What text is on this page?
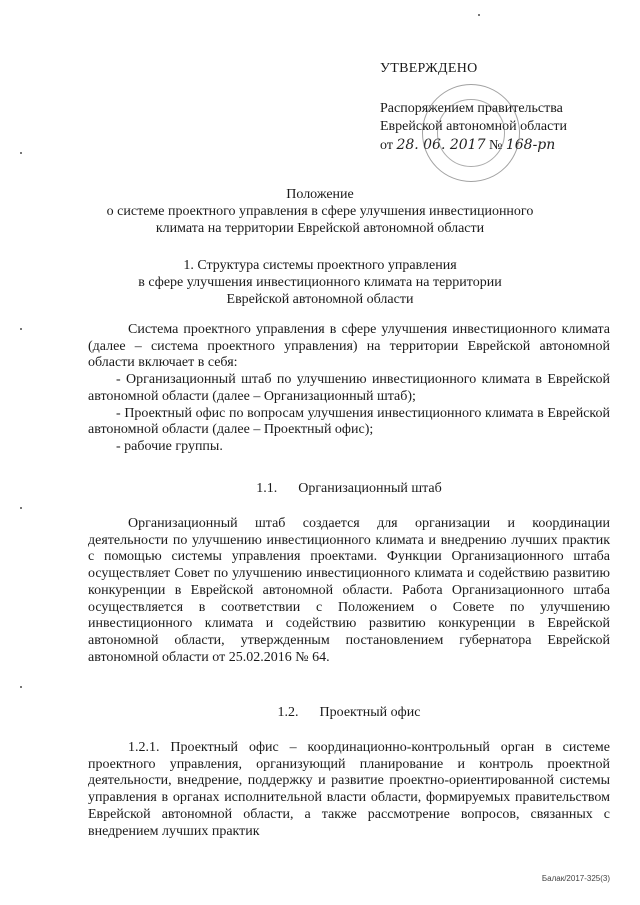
УТВЕРЖДЕНО
Распоряжением правительства
Еврейской автономной области
от 28. 06. 2017 № 168-рп
Положение
о системе проектного управления в сфере улучшения инвестиционного
климата на территории Еврейской автономной области
1. Структура системы проектного управления
в сфере улучшения инвестиционного климата на территории
Еврейской автономной области
Система проектного управления в сфере улучшения инвестиционного климата (далее – система проектного управления) на территории Еврейской автономной области включает в себя:
- Организационный штаб по улучшению инвестиционного климата в Еврейской автономной области (далее – Организационный штаб);
- Проектный офис по вопросам улучшения инвестиционного климата в Еврейской автономной области (далее – Проектный офис);
- рабочие группы.
1.1. Организационный штаб
Организационный штаб создается для организации и координации деятельности по улучшению инвестиционного климата и внедрению лучших практик с помощью системы управления проектами. Функции Организационного штаба осуществляет Совет по улучшению инвестиционного климата и содействию развитию конкуренции в Еврейской автономной области. Работа Организационного штаба осуществляется в соответствии с Положением о Совете по улучшению инвестиционного климата и содействию развитию конкуренции в Еврейской автономной области, утвержденным постановлением губернатора Еврейской автономной области от 25.02.2016 № 64.
1.2. Проектный офис
1.2.1. Проектный офис – координационно-контрольный орган в системе проектного управления, организующий планирование и контроль проектной деятельности, внедрение, поддержку и развитие проектно-ориентированной системы управления в органах исполнительной власти области, формируемых правительством Еврейской автономной области, а также рассмотрение вопросов, связанных с внедрением лучших практик
Балак/2017-325(3)
